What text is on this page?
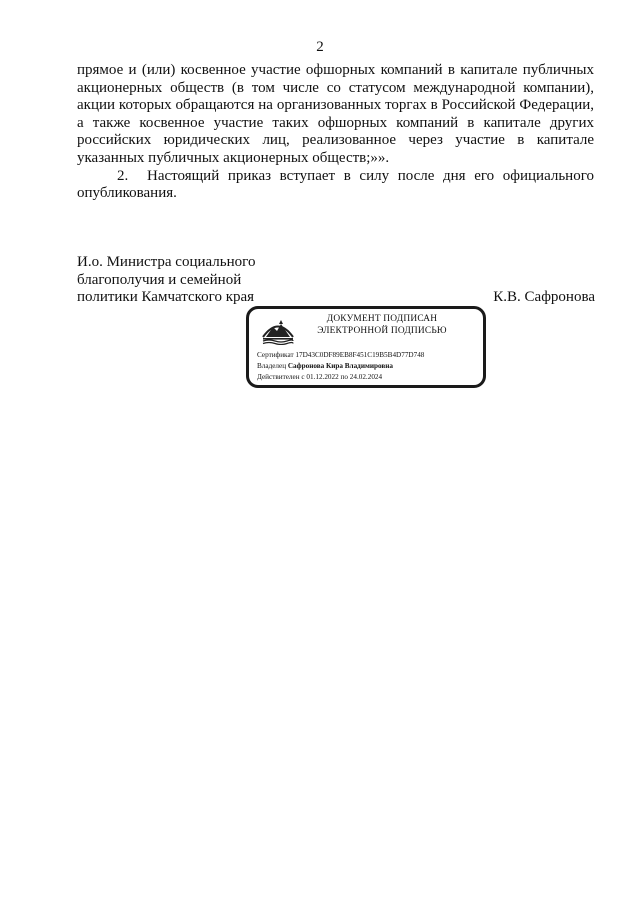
2

прямое и (или) косвенное участие офшорных компаний в капитале публичных акционерных обществ (в том числе со статусом международной компании), акции которых обращаются на организованных торгах в Российской Федерации, а также косвенное участие таких офшорных компаний в капитале других российских юридических лиц, реализованное через участие в капитале указанных публичных акционерных обществ;»».

2. Настоящий приказ вступает в силу после дня его официального опубликования.

И.о. Министра социального
благополучия и семейной
политики Камчатского края	К.В. Сафронова
ДОКУМЕНТ ПОДПИСАН
ЭЛЕКТРОННОЙ ПОДПИСЬЮ
Сертификат 17D43C0DF89EB8F451C19B5B4D77D748
Владелец Сафронова Кира Владимировна
Действителен с 01.12.2022 по 24.02.2024
